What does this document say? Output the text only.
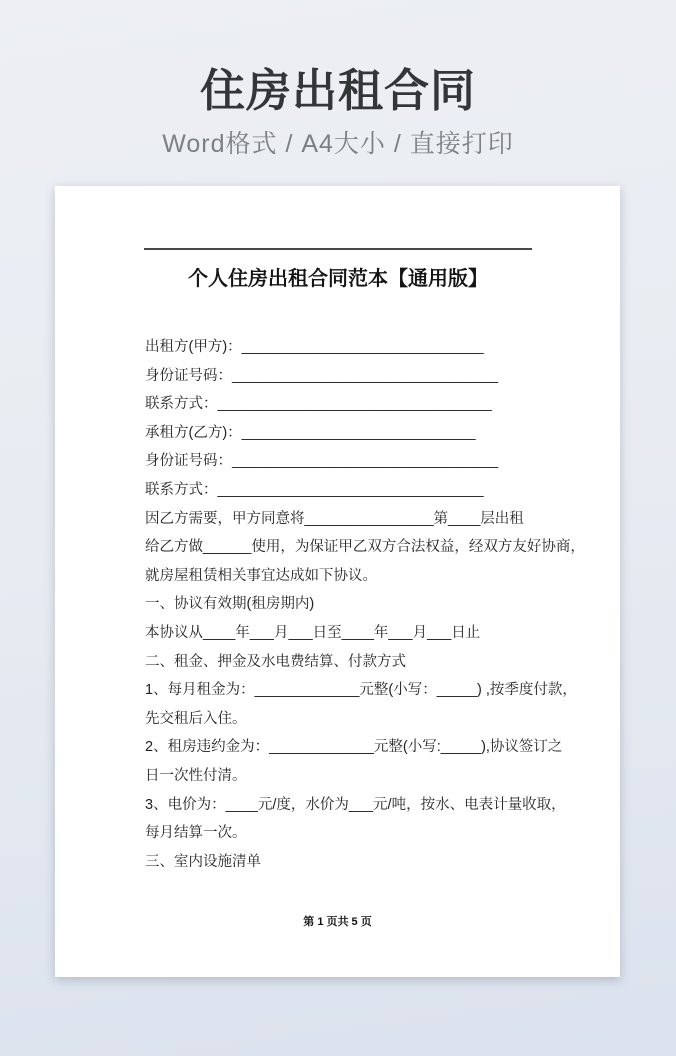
住房出租合同
Word格式 / A4大小 / 直接打印
个人住房出租合同范本【通用版】
出租方(甲方)：______________________________
身份证号码：_________________________________
联系方式：__________________________________
承租方(乙方)：_____________________________
身份证号码：_________________________________
联系方式：_________________________________
因乙方需要，甲方同意将________________第____层出租
给乙方做______使用，为保证甲乙双方合法权益，经双方友好协商，
就房屋租赁相关事宜达成如下协议。
一、协议有效期(租房期内)
本协议从____年___月___日至____年___月___日止
二、租金、押金及水电费结算、付款方式
1、每月租金为：_____________元整(小写：_____) ,按季度付款，
先交租后入住。
2、租房违约金为：_____________元整(小写:_____),协议签订之
日一次性付清。
3、电价为：____元/度，水价为___元/吨，按水、电表计量收取，
每月结算一次。
三、室内设施清单
第 1 页共 5 页
